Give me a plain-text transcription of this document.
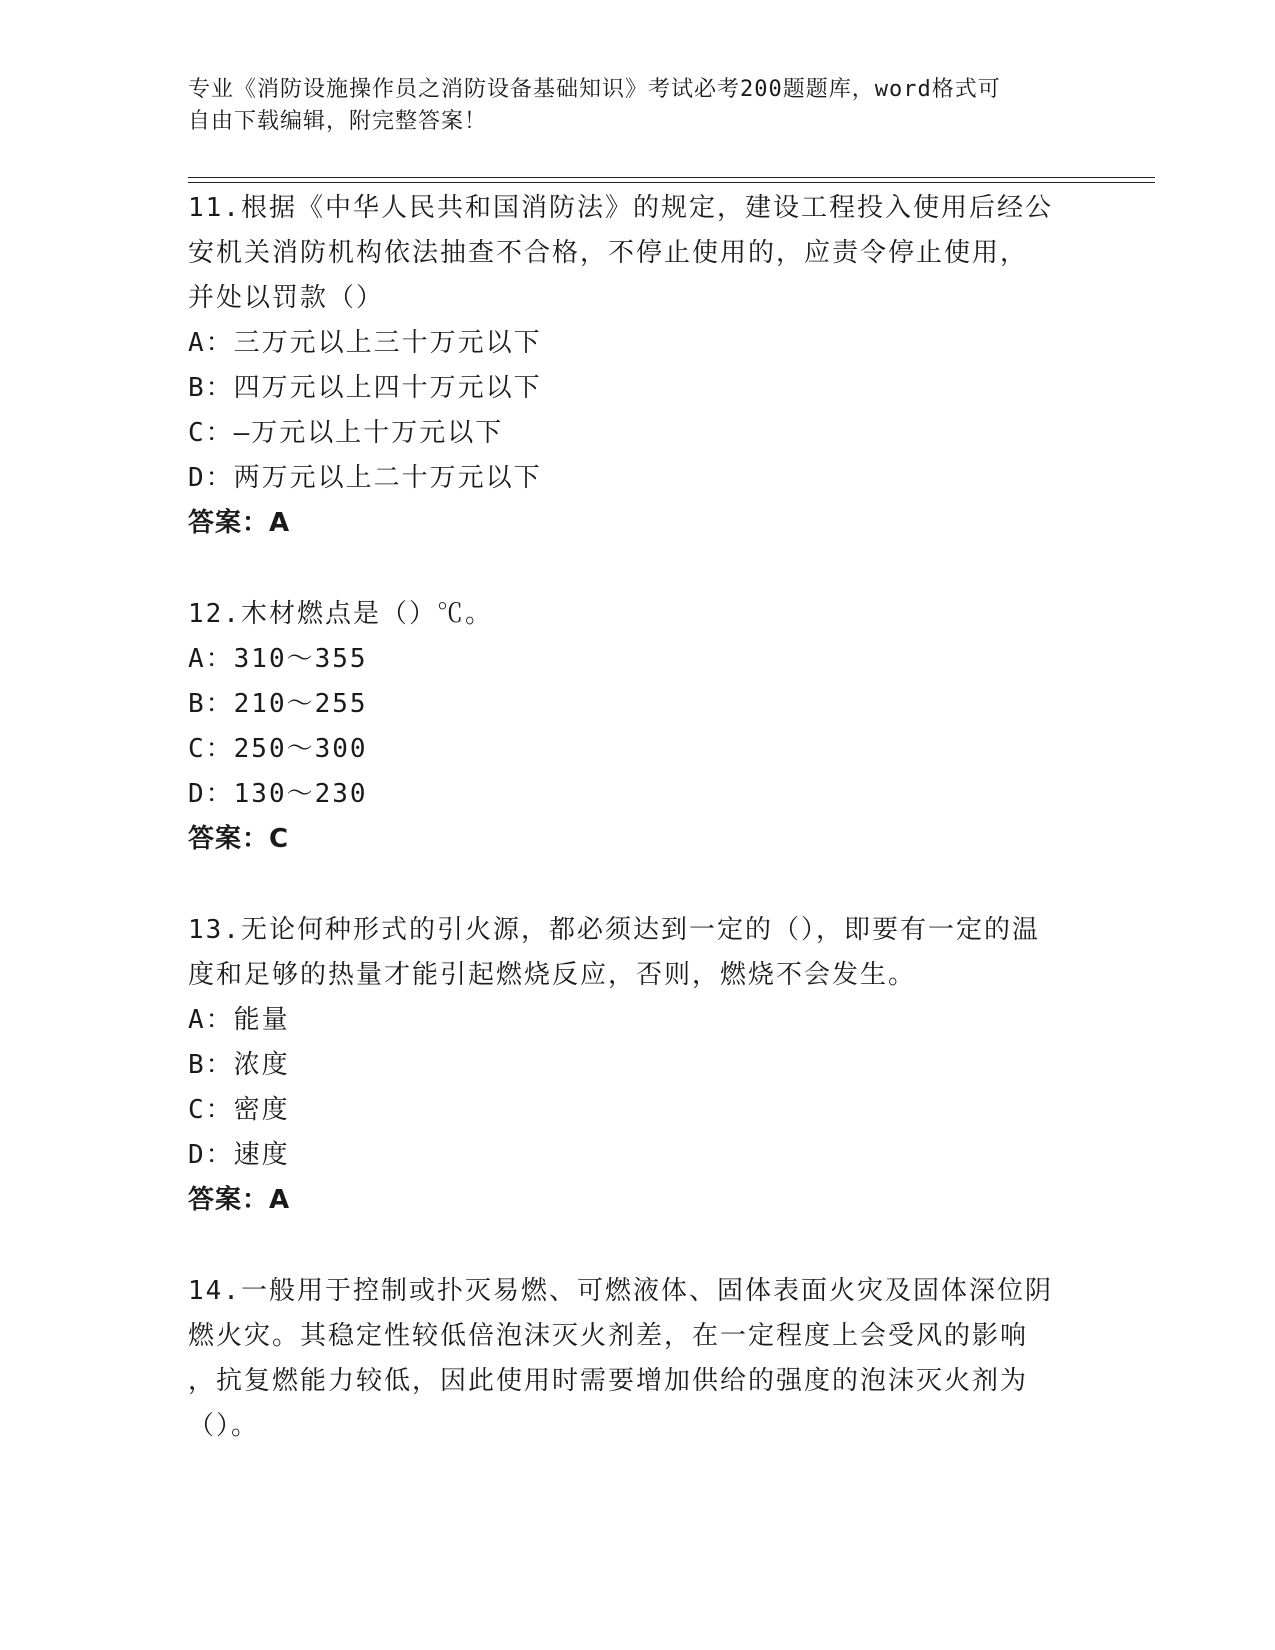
专业《消防设施操作员之消防设备基础知识》考试必考200题题库，word格式可
自由下载编辑，附完整答案！
11.根据《中华人民共和国消防法》的规定，建设工程投入使用后经公
安机关消防机构依法抽查不合格，不停止使用的，应责令停止使用，
并处以罚款（）
A：三万元以上三十万元以下
B：四万元以上四十万元以下
C：—万元以上十万元以下
D：两万元以上二十万元以下
答案：A
12.木材燃点是（）℃。
A：310～355
B：210～255
C：250～300
D：130～230
答案：C
13.无论何种形式的引火源，都必须达到一定的（），即要有一定的温
度和足够的热量才能引起燃烧反应，否则，燃烧不会发生。
A：能量
B：浓度
C：密度
D：速度
答案：A
14.一般用于控制或扑灭易燃、可燃液体、固体表面火灾及固体深位阴
燃火灾。其稳定性较低倍泡沫灭火剂差，在一定程度上会受风的影响
，抗复燃能力较低，因此使用时需要增加供给的强度的泡沫灭火剂为
（）。
